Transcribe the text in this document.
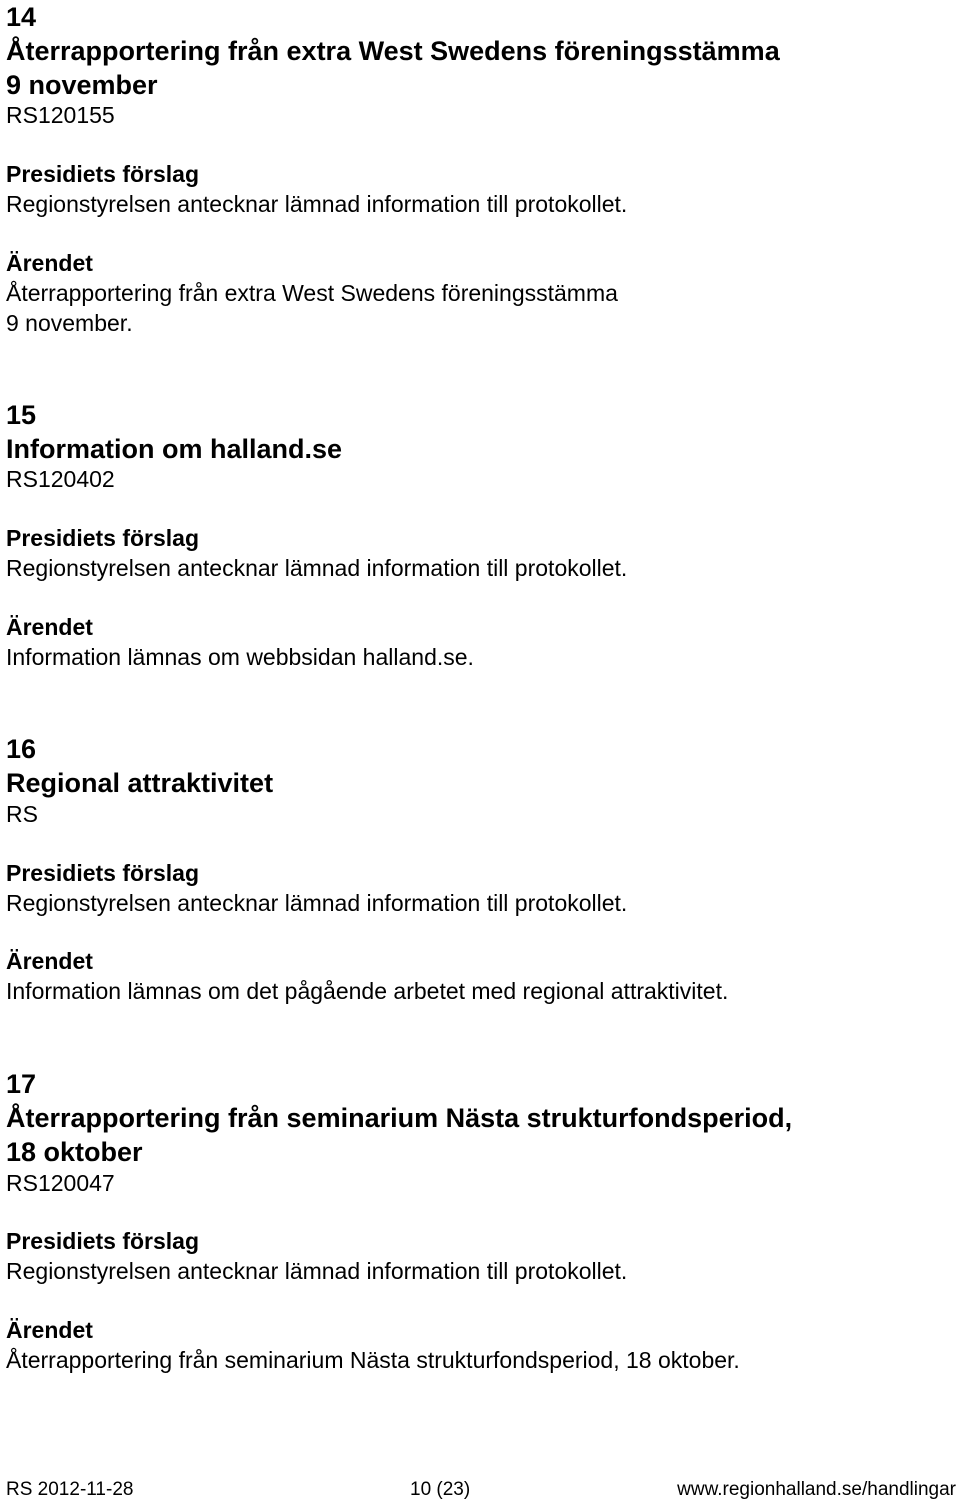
14
Återrapportering från extra West Swedens föreningsstämma
9 november
RS120155
Presidiets förslag
Regionstyrelsen antecknar lämnad information till protokollet.
Ärendet
Återrapportering från extra West Swedens föreningsstämma
9 november.
15
Information om halland.se
RS120402
Presidiets förslag
Regionstyrelsen antecknar lämnad information till protokollet.
Ärendet
Information lämnas om webbsidan halland.se.
16
Regional attraktivitet
RS
Presidiets förslag
Regionstyrelsen antecknar lämnad information till protokollet.
Ärendet
Information lämnas om det pågående arbetet med regional attraktivitet.
17
Återrapportering från seminarium Nästa strukturfondsperiod,
18 oktober
RS120047
Presidiets förslag
Regionstyrelsen antecknar lämnad information till protokollet.
Ärendet
Återrapportering från seminarium Nästa strukturfondsperiod, 18 oktober.
RS 2012-11-28	10 (23)	www.regionhalland.se/handlingar
